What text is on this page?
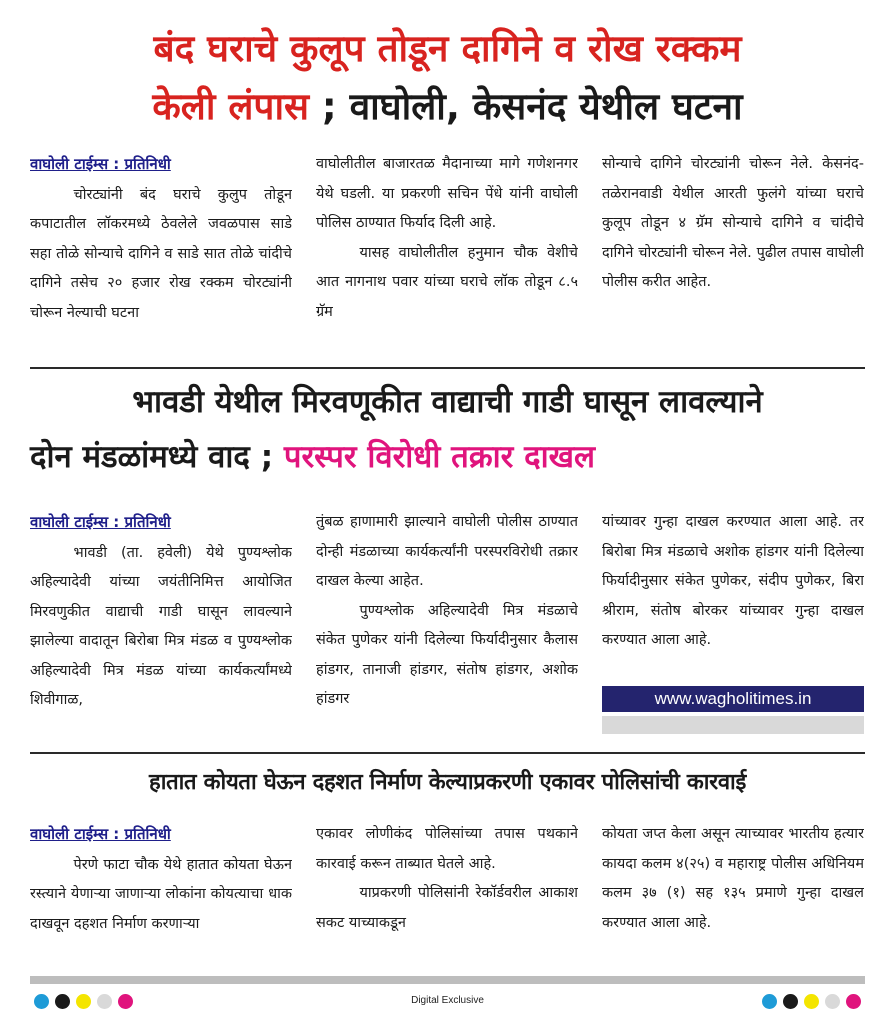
बंद घराचे कुलूप तोडून दागिने व रोख रक्कम
केली लंपास ; वाघोली, केसनंद येथील घटना

वाघोली टाईम्स : प्रतिनिधी

चोरट्यांनी बंद घराचे कुलुप तोडून कपाटातील लॉकरमध्ये ठेवलेले जवळपास साडे सहा तोळे सोन्याचे दागिने व साडे सात तोळे चांदीचे दागिने तसेच २० हजार रोख रक्कम चोरट्यांनी चोरून नेल्याची घटना

वाघोलीतील बाजारतळ मैदानाच्या मागे गणेशनगर येथे घडली. या प्रकरणी सचिन पेंधे यांनी वाघोली पोलिस ठाण्यात फिर्याद दिली आहे.

यासह वाघोलीतील हनुमान चौक वेशीचे आत नागनाथ पवार यांच्या घराचे लॉक तोडून ८.५ ग्रॅम

सोन्याचे दागिने चोरट्यांनी चोरून नेले. केसनंद-तळेरानवाडी येथील आरती फुलंगे यांच्या घराचे कुलूप तोडून ४ ग्रॅम सोन्याचे दागिने व चांदीचे दागिने चोरट्यांनी चोरून नेले. पुढील तपास वाघोली पोलीस करीत आहेत.

भावडी येथील मिरवणूकीत वाद्याची गाडी घासून लावल्याने
दोन मंडळांमध्ये वाद ; परस्पर विरोधी तक्रार दाखल

वाघोली टाईम्स : प्रतिनिधी

भावडी (ता. हवेली) येथे पुण्यश्लोक अहिल्यादेवी यांच्या जयंतीनिमित्त आयोजित मिरवणुकीत वाद्याची गाडी घासून लावल्याने झालेल्या वादातून बिरोबा मित्र मंडळ व पुण्यश्लोक अहिल्यादेवी मित्र मंडळ यांच्या कार्यकर्त्यांमध्ये शिवीगाळ,

तुंबळ हाणामारी झाल्याने वाघोली पोलीस ठाण्यात दोन्ही मंडळाच्या कार्यकर्त्यांनी परस्परविरोधी तक्रार दाखल केल्या आहेत.

पुण्यश्लोक अहिल्यादेवी मित्र मंडळाचे संकेत पुणेकर यांनी दिलेल्या फिर्यादीनुसार कैलास हांडगर, तानाजी हांडगर, संतोष हांडगर, अशोक हांडगर

यांच्यावर गुन्हा दाखल करण्यात आला आहे. तर बिरोबा मित्र मंडळाचे अशोक हांडगर यांनी दिलेल्या फिर्यादीनुसार संकेत पुणेकर, संदीप पुणेकर, बिरा श्रीराम, संतोष बोरकर यांच्यावर गुन्हा दाखल करण्यात आला आहे.

www.wagholitimes.in
हातात कोयता घेऊन दहशत निर्माण केल्याप्रकरणी एकावर पोलिसांची कारवाई

वाघोली टाईम्स : प्रतिनिधी

पेरणे फाटा चौक येथे हातात कोयता घेऊन रस्त्याने येणाऱ्या जाणाऱ्या लोकांना कोयत्याचा धाक दाखवून दहशत निर्माण करणाऱ्या

एकावर लोणीकंद पोलिसांच्या तपास पथकाने कारवाई करून ताब्यात घेतले आहे.

याप्रकरणी पोलिसांनी रेकॉर्डवरील आकाश सकट याच्याकडून

कोयता जप्त केला असून त्याच्यावर भारतीय हत्यार कायदा कलम ४(२५) व महाराष्ट्र पोलीस अधिनियम कलम ३७ (१) सह १३५ प्रमाणे गुन्हा दाखल करण्यात आला आहे.

Digital Exclusive
